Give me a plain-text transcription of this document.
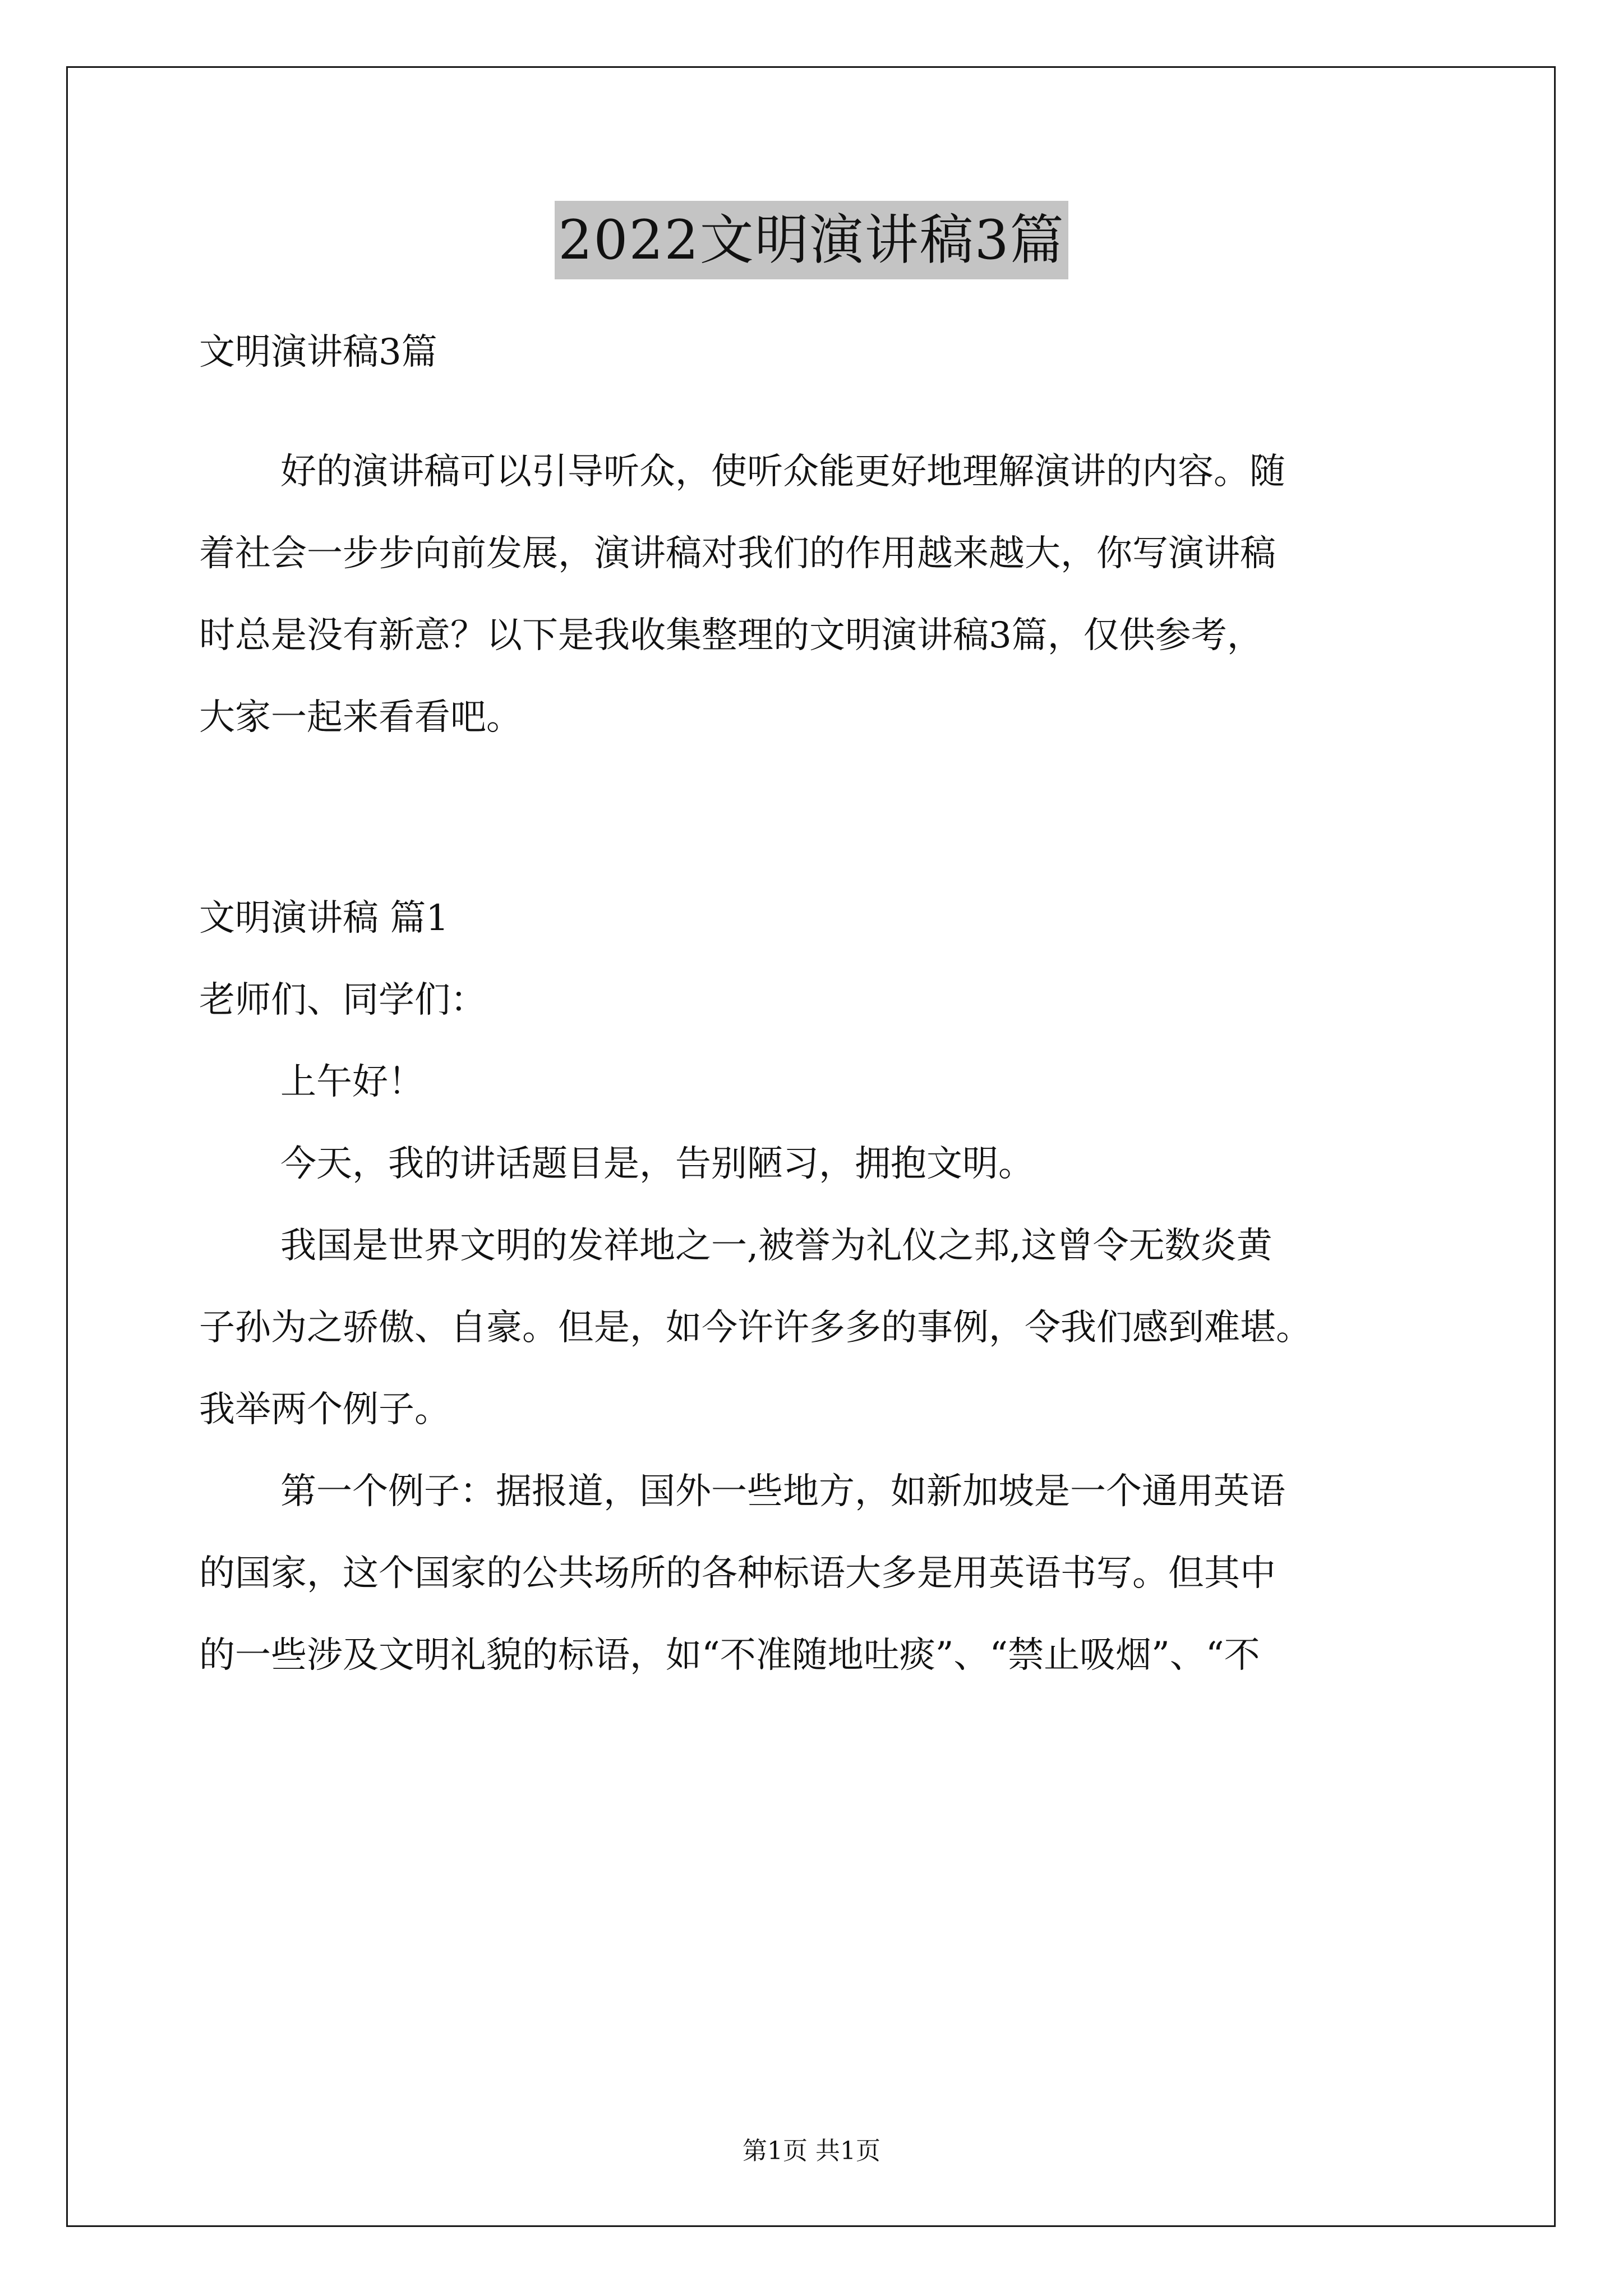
2022文明演讲稿3篇
文明演讲稿3篇
好的演讲稿可以引导听众，使听众能更好地理解演讲的内容。随
着社会一步步向前发展，演讲稿对我们的作用越来越大，你写演讲稿
时总是没有新意？以下是我收集整理的文明演讲稿3篇，仅供参考，
大家一起来看看吧。
文明演讲稿 篇1
老师们、同学们：
上午好！
今天，我的讲话题目是，告别陋习，拥抱文明。
我国是世界文明的发祥地之一,被誉为礼仪之邦,这曾令无数炎黄
子孙为之骄傲、自豪。但是，如今许许多多的事例，令我们感到难堪。
我举两个例子。
第一个例子：据报道，国外一些地方，如新加坡是一个通用英语
的国家，这个国家的公共场所的各种标语大多是用英语书写。但其中
的一些涉及文明礼貌的标语，如“不准随地吐痰”、“禁止吸烟”、“不
第1页 共1页
